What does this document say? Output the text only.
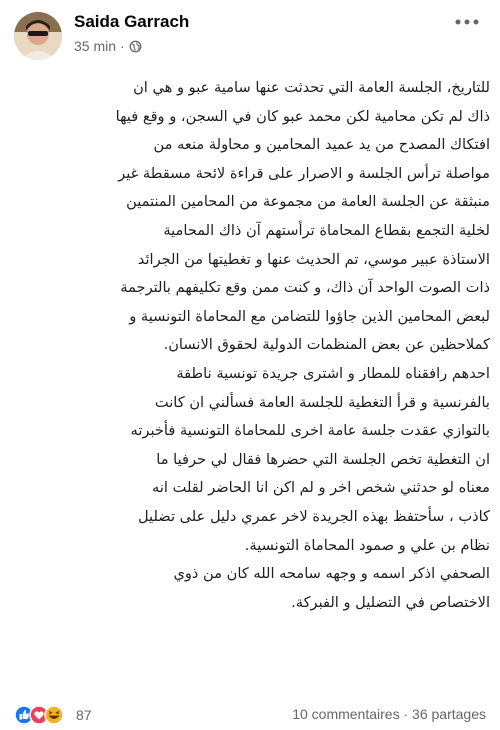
Saida Garrach
35 min ·
للتاريخ، الجلسة العامة التي تحدثت عنها سامية عبو و هي ان
ذاك لم تكن محامية لكن محمد عبو كان في السجن، و وقع فيها
افتكاك المصدح من يد عميد المحامين و محاولة منعه من
مواصلة ترأس الجلسة و الاصرار على قراءة لائحة مسقطة غير
منبثقة عن الجلسة العامة من مجموعة من المحامين المنتمين
لخلية التجمع بقطاع المحاماة ترأستهم آن ذاك المحامية
الاستاذة عبير موسي، تم الحديث عنها و تغطيتها من الجرائد
ذات الصوت الواحد آن ذاك، و كنت ممن وقع تكليفهم بالترجمة
لبعض المحامين الذين جاؤوا للتضامن مع المحاماة التونسية و
كملاحظين عن بعض المنظمات الدولية لحقوق الانسان.
احدهم رافقناه للمطار و اشترى جريدة تونسية ناطقة
بالفرنسية و قرأ التغطية للجلسة العامة فسألني ان كانت
بالتوازي عقدت جلسة عامة اخرى للمحاماة التونسية فأخبرته
ان التغطية تخص الجلسة التي حضرها فقال لي حرفيا ما
معناه لو حدثني شخص اخر و لم اكن انا الحاضر لقلت انه
كاذب ، سأحتفظ بهذه الجريدة لاخر عمري دليل على تضليل
نظام بن علي و صمود المحاماة التونسية.
الصحفي اذكر اسمه و وجهه سامحه الله كان من ذوي
الاختصاص في التضليل و الفبركة.
87	10 commentaires · 36 partages
